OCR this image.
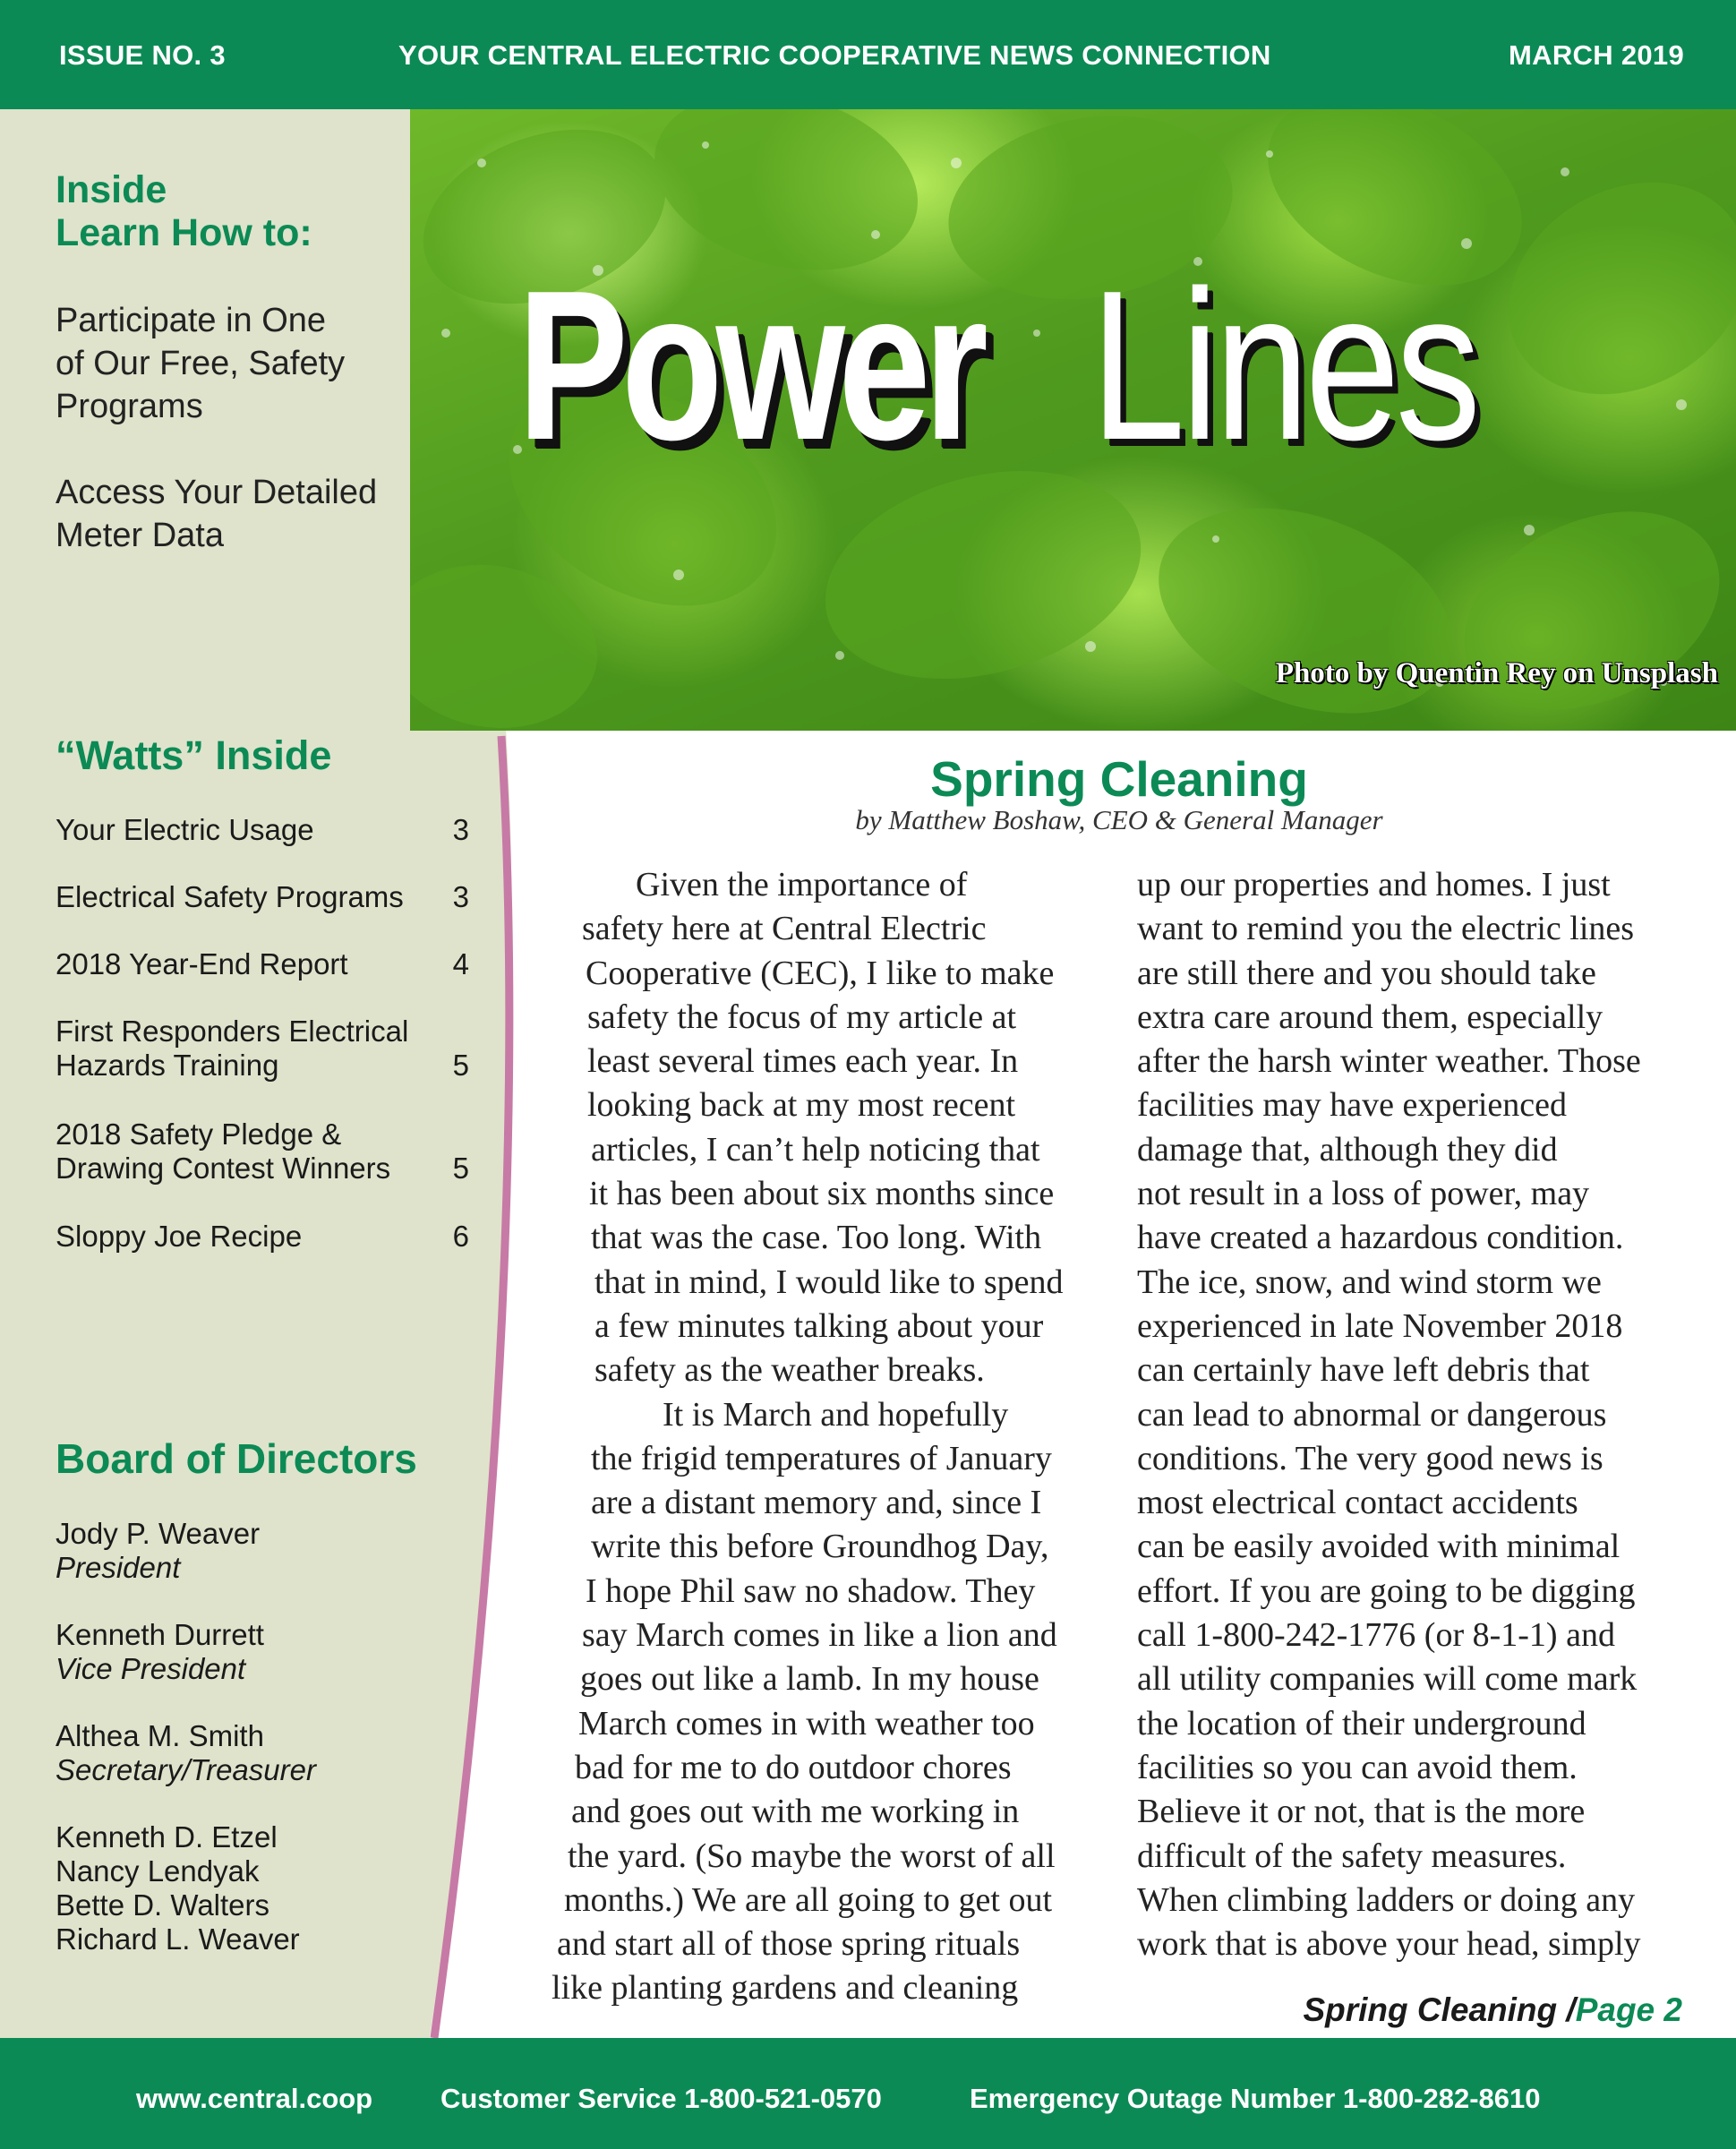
ISSUE NO. 3	YOUR CENTRAL ELECTRIC COOPERATIVE NEWS CONNECTION	MARCH 2019
Power Lines
Photo by Quentin Rey on Unsplash
Inside
Learn How to:
Participate in One
of Our Free, Safety
Programs
Access Your Detailed
Meter Data
“Watts” Inside
Your Electric Usage	3
Electrical Safety Programs	3
2018 Year-End Report	4
First Responders Electrical
Hazards Training	5
2018 Safety Pledge &
Drawing Contest Winners	5
Sloppy Joe Recipe	6
Board of Directors
Jody P. Weaver
President
Kenneth Durrett
Vice President
Althea M. Smith
Secretary/Treasurer
Kenneth D. Etzel
Nancy Lendyak
Bette D. Walters
Richard L. Weaver
Spring Cleaning
by Matthew Boshaw, CEO & General Manager
Given the importance of
safety here at Central Electric
Cooperative (CEC), I like to make
safety the focus of my article at
least several times each year. In
looking back at my most recent
articles, I can’t help noticing that
it has been about six months since
that was the case. Too long. With
that in mind, I would like to spend
a few minutes talking about your
safety as the weather breaks.
It is March and hopefully
the frigid temperatures of January
are a distant memory and, since I
write this before Groundhog Day,
I hope Phil saw no shadow. They
say March comes in like a lion and
goes out like a lamb. In my house
March comes in with weather too
bad for me to do outdoor chores
and goes out with me working in
the yard. (So maybe the worst of all
months.) We are all going to get out
and start all of those spring rituals
like planting gardens and cleaning
up our properties and homes. I just
want to remind you the electric lines
are still there and you should take
extra care around them, especially
after the harsh winter weather. Those
facilities may have experienced
damage that, although they did
not result in a loss of power, may
have created a hazardous condition.
The ice, snow, and wind storm we
experienced in late November 2018
can certainly have left debris that
can lead to abnormal or dangerous
conditions. The very good news is
most electrical contact accidents
can be easily avoided with minimal
effort. If you are going to be digging
call 1-800-242-1776 (or 8-1-1) and
all utility companies will come mark
the location of their underground
facilities so you can avoid them.
Believe it or not, that is the more
difficult of the safety measures.
When climbing ladders or doing any
work that is above your head, simply
Spring Cleaning /Page 2
www.central.coop Customer Service 1-800-521-0570	Emergency Outage Number 1-800-282-8610
